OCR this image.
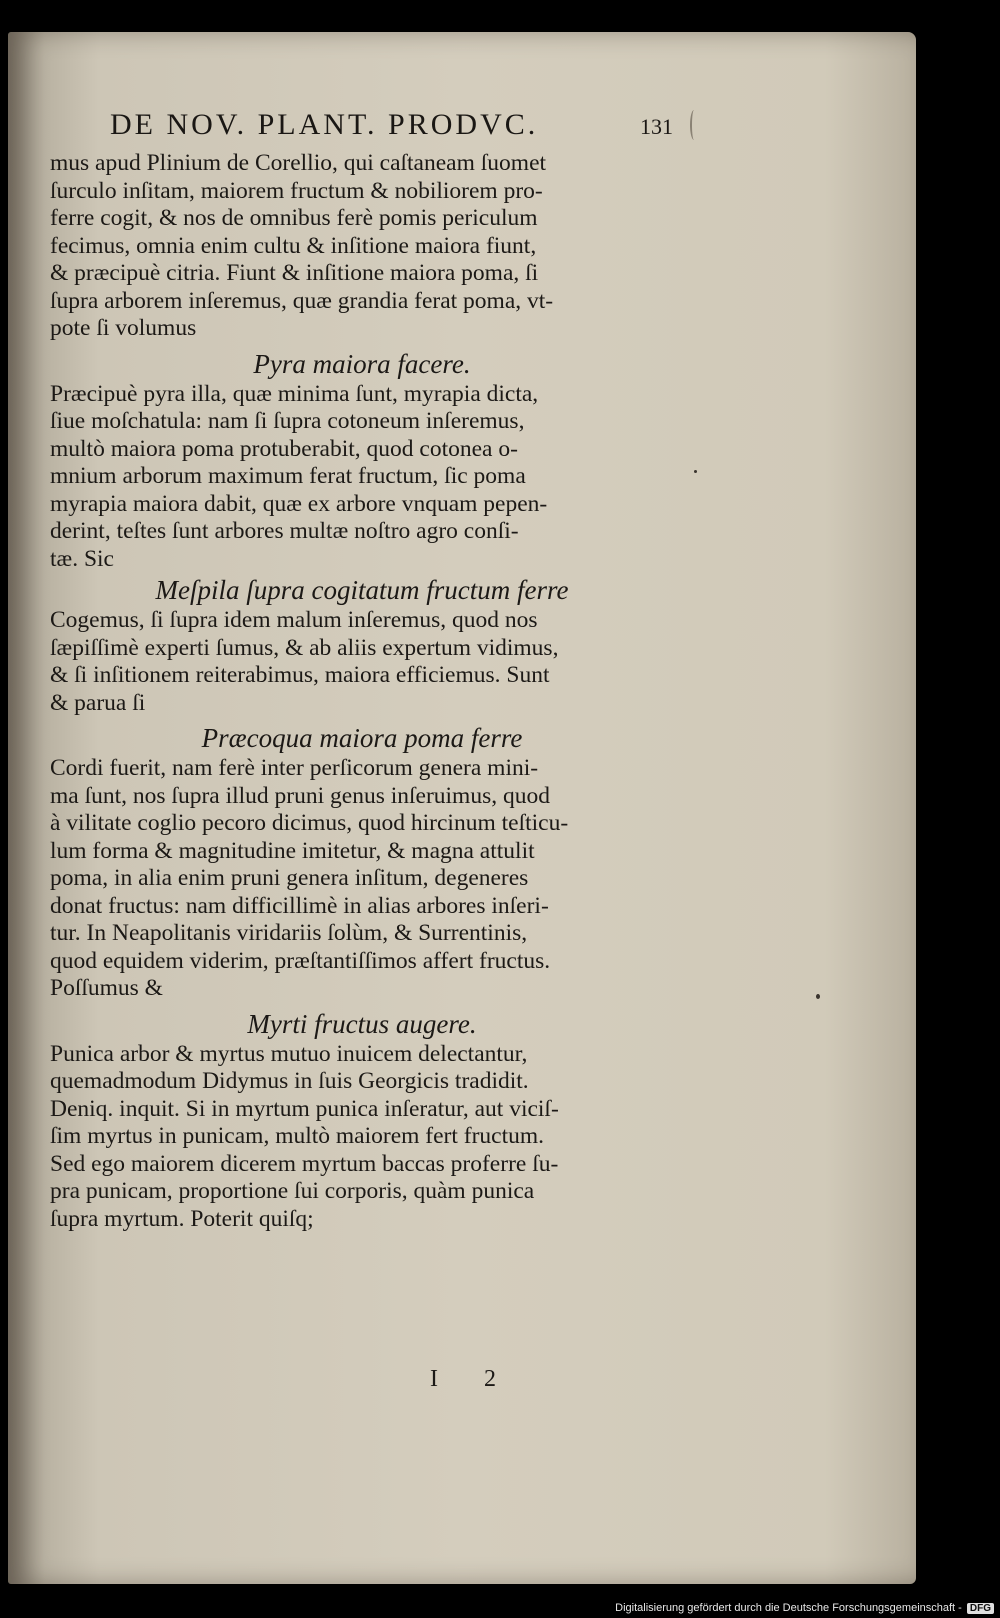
DE NOV. PLANT. PRODVC.	131
mus apud Plinium de Corellio, qui caſtaneam ſuomet
ſurculo inſitam, maiorem fructum & nobiliorem pro-
ferre cogit, & nos de omnibus ferè pomis periculum
fecimus, omnia enim cultu & inſitione maiora fiunt,
& præcipuè citria. Fiunt & inſitione maiora poma, ſi
ſupra arborem inſeremus, quæ grandia ferat poma, vt-
pote ſi volumus
Pyra maiora facere.
Præcipuè pyra illa, quæ minima ſunt, myrapia dicta,
ſiue moſchatula: nam ſi ſupra cotoneum inſeremus,
multò maiora poma protuberabit, quod cotonea o-
mnium arborum maximum ferat fructum, ſic poma
myrapia maiora dabit, quæ ex arbore vnquam pepen-
derint, teſtes ſunt arbores multæ noſtro agro conſi-
tæ. Sic
Meſpila ſupra cogitatum fructum ferre
Cogemus, ſi ſupra idem malum inſeremus, quod nos
ſæpiſſimè experti ſumus, & ab aliis expertum vidimus,
& ſi inſitionem reiterabimus, maiora efficiemus. Sunt
& parua ſi
Præcoqua maiora poma ferre
Cordi fuerit, nam ferè inter perſicorum genera mini-
ma ſunt, nos ſupra illud pruni genus inſeruimus, quod
à vilitate coglio pecoro dicimus, quod hircinum teſticu-
lum forma & magnitudine imitetur, & magna attulit
poma, in alia enim pruni genera inſitum, degeneres
donat fructus: nam difficillimè in alias arbores inſeri-
tur. In Neapolitanis viridariis ſolùm, & Surrentinis,
quod equidem viderim, præſtantiſſimos affert fructus.
Poſſumus &
Myrti fructus augere.
Punica arbor & myrtus mutuo inuicem delectantur,
quemadmodum Didymus in ſuis Georgicis tradidit.
Deniq. inquit. Si in myrtum punica inſeratur, aut viciſ-
ſim myrtus in punicam, multò maiorem fert fructum.
Sed ego maiorem dicerem myrtum baccas proferre ſu-
pra punicam, proportione ſui corporis, quàm punica
ſupra myrtum. Poterit quiſq;
I 2
Digitalisierung gefördert durch die Deutsche Forschungsgemeinschaft - DFG
